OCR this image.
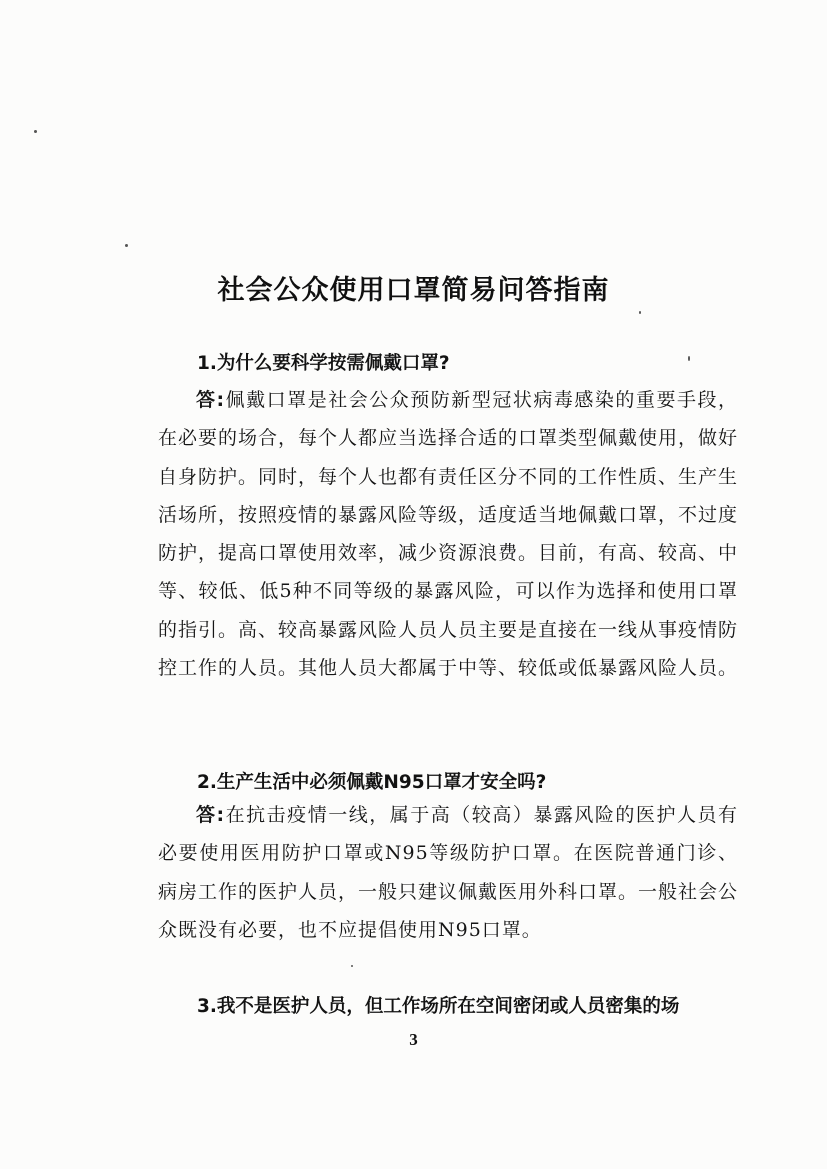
社会公众使用口罩简易问答指南
1.为什么要科学按需佩戴口罩?

答:佩戴口罩是社会公众预防新型冠状病毒感染的重要手段，在必要的场合，每个人都应当选择合适的口罩类型佩戴使用，做好自身防护。同时，每个人也都有责任区分不同的工作性质、生产生活场所，按照疫情的暴露风险等级，适度适当地佩戴口罩，不过度防护，提高口罩使用效率，减少资源浪费。目前，有高、较高、中等、较低、低5种不同等级的暴露风险，可以作为选择和使用口罩的指引。高、较高暴露风险人员人员主要是直接在一线从事疫情防控工作的人员。其他人员大都属于中等、较低或低暴露风险人员。

2.生产生活中必须佩戴N95口罩才安全吗?

答:在抗击疫情一线，属于高（较高）暴露风险的医护人员有必要使用医用防护口罩或N95等级防护口罩。在医院普通门诊、病房工作的医护人员，一般只建议佩戴医用外科口罩。一般社会公众既没有必要，也不应提倡使用N95口罩。

3.我不是医护人员，但工作场所在空间密闭或人员密集的场
3
